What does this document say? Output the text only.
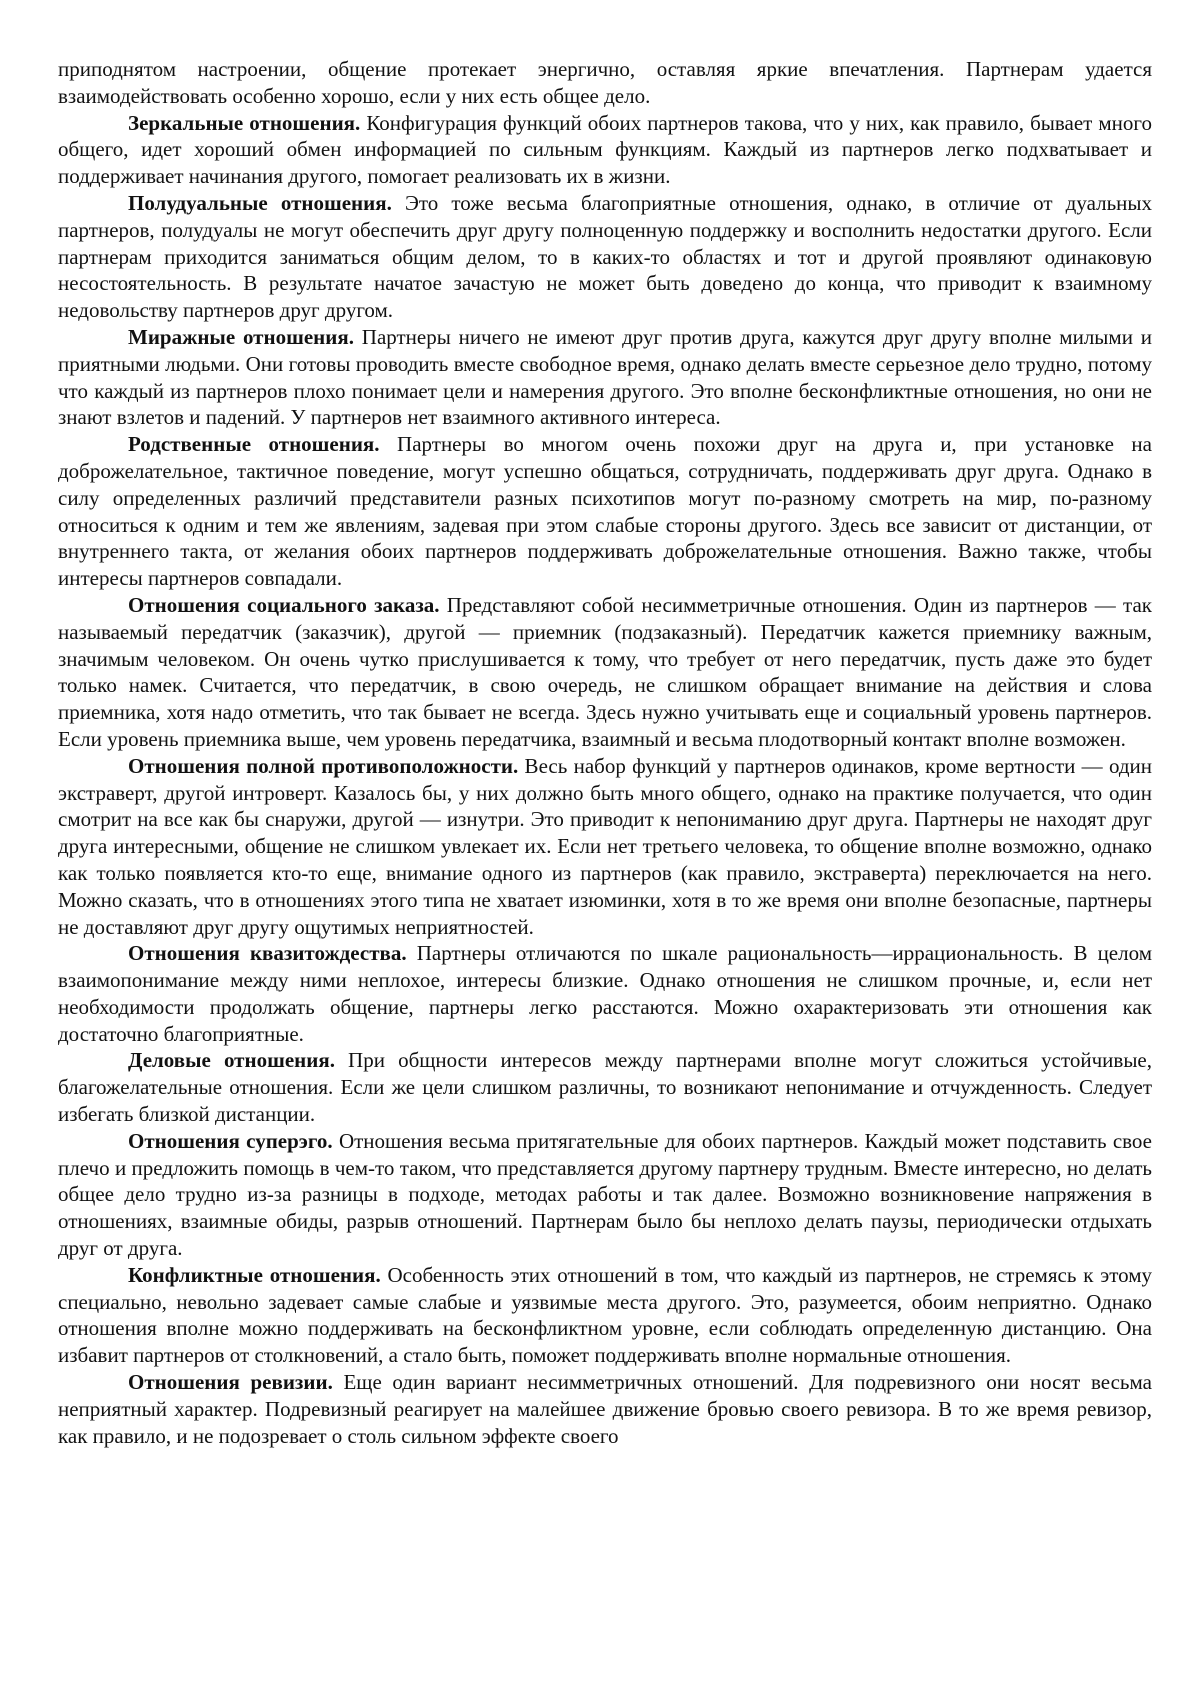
приподнятом настроении, общение протекает энергично, оставляя яркие впечатления. Партнерам удается взаимодействовать особенно хорошо, если у них есть общее дело.

Зеркальные отношения. Конфигурация функций обоих партнеров такова, что у них, как правило, бывает много общего, идет хороший обмен информацией по сильным функциям. Каждый из партнеров легко подхватывает и поддерживает начинания другого, помогает реализовать их в жизни.

Полудуальные отношения. Это тоже весьма благоприятные отношения, однако, в отличие от дуальных партнеров, полудуалы не могут обеспечить друг другу полноценную поддержку и восполнить недостатки другого. Если партнерам приходится заниматься общим делом, то в каких-то областях и тот и другой проявляют одинаковую несостоятельность. В результате начатое зачастую не может быть доведено до конца, что приводит к взаимному недовольству партнеров друг другом.

Миражные отношения. Партнеры ничего не имеют друг против друга, кажутся друг другу вполне милыми и приятными людьми. Они готовы проводить вместе свободное время, однако делать вместе серьезное дело трудно, потому что каждый из партнеров плохо понимает цели и намерения другого. Это вполне бесконфликтные отношения, но они не знают взлетов и падений. У партнеров нет взаимного активного интереса.

Родственные отношения. Партнеры во многом очень похожи друг на друга и, при установке на доброжелательное, тактичное поведение, могут успешно общаться, сотрудничать, поддерживать друг друга. Однако в силу определенных различий представители разных психотипов могут по-разному смотреть на мир, по-разному относиться к одним и тем же явлениям, задевая при этом слабые стороны другого. Здесь все зависит от дистанции, от внутреннего такта, от желания обоих партнеров поддерживать доброжелательные отношения. Важно также, чтобы интересы партнеров совпадали.

Отношения социального заказа. Представляют собой несимметричные отношения. Один из партнеров — так называемый передатчик (заказчик), другой — приемник (подзаказный). Передатчик кажется приемнику важным, значимым человеком. Он очень чутко прислушивается к тому, что требует от него передатчик, пусть даже это будет только намек. Считается, что передатчик, в свою очередь, не слишком обращает внимание на действия и слова приемника, хотя надо отметить, что так бывает не всегда. Здесь нужно учитывать еще и социальный уровень партнеров. Если уровень приемника выше, чем уровень передатчика, взаимный и весьма плодотворный контакт вполне возможен.

Отношения полной противоположности. Весь набор функций у партнеров одинаков, кроме вертности — один экстраверт, другой интроверт. Казалось бы, у них должно быть много общего, однако на практике получается, что один смотрит на все как бы снаружи, другой — изнутри. Это приводит к непониманию друг друга. Партнеры не находят друг друга интересными, общение не слишком увлекает их. Если нет третьего человека, то общение вполне возможно, однако как только появляется кто-то еще, внимание одного из партнеров (как правило, экстраверта) переключается на него. Можно сказать, что в отношениях этого типа не хватает изюминки, хотя в то же время они вполне безопасные, партнеры не доставляют друг другу ощутимых неприятностей.

Отношения квазитождества. Партнеры отличаются по шкале рациональность—иррациональность. В целом взаимопонимание между ними неплохое, интересы близкие. Однако отношения не слишком прочные, и, если нет необходимости продолжать общение, партнеры легко расстаются. Можно охарактеризовать эти отношения как достаточно благоприятные.

Деловые отношения. При общности интересов между партнерами вполне могут сложиться устойчивые, благожелательные отношения. Если же цели слишком различны, то возникают непонимание и отчужденность. Следует избегать близкой дистанции.

Отношения суперэго. Отношения весьма притягательные для обоих партнеров. Каждый может подставить свое плечо и предложить помощь в чем-то таком, что представляется другому партнеру трудным. Вместе интересно, но делать общее дело трудно из-за разницы в подходе, методах работы и так далее. Возможно возникновение напряжения в отношениях, взаимные обиды, разрыв отношений. Партнерам было бы неплохо делать паузы, периодически отдыхать друг от друга.

Конфликтные отношения. Особенность этих отношений в том, что каждый из партнеров, не стремясь к этому специально, невольно задевает самые слабые и уязвимые места другого. Это, разумеется, обоим неприятно. Однако отношения вполне можно поддерживать на бесконфликтном уровне, если соблюдать определенную дистанцию. Она избавит партнеров от столкновений, а стало быть, поможет поддерживать вполне нормальные отношения.

Отношения ревизии. Еще один вариант несимметричных отношений. Для подревизного они носят весьма неприятный характер. Подревизный реагирует на малейшее движение бровью своего ревизора. В то же время ревизор, как правило, и не подозревает о столь сильном эффекте своего
